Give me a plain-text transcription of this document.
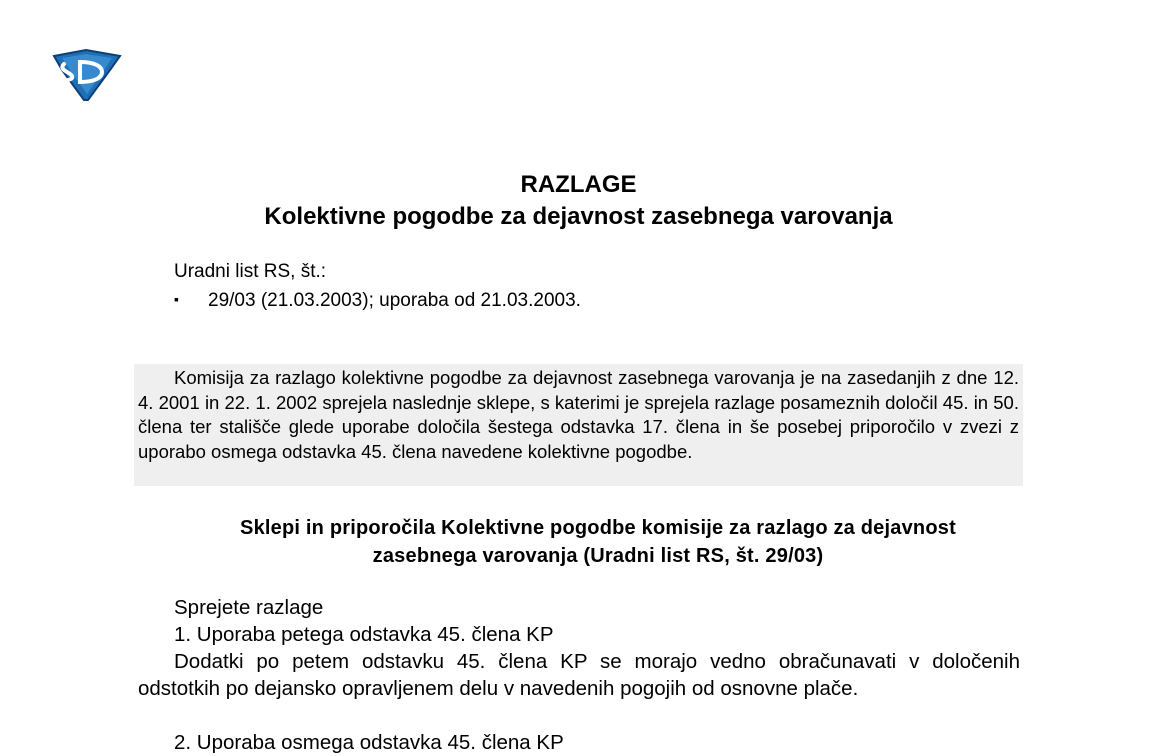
RAZLAGE
Kolektivne pogodbe za dejavnost zasebnega varovanja
Uradni list RS, št.:
▪ 29/03 (21.03.2003); uporaba od 21.03.2003.

Komisija za razlago kolektivne pogodbe za dejavnost zasebnega varovanja je na zasedanjih z dne 12. 4. 2001 in 22. 1. 2002 sprejela naslednje sklepe, s katerimi je sprejela razlage posameznih določil 45. in 50. člena ter stališče glede uporabe določila šestega odstavka 17. člena in še posebej priporočilo v zvezi z uporabo osmega odstavka 45. člena navedene kolektivne pogodbe.

Sklepi in priporočila Kolektivne pogodbe komisije za razlago za dejavnost
zasebnega varovanja (Uradni list RS, št. 29/03)
Sprejete razlage
1. Uporaba petega odstavka 45. člena KP

Dodatki po petem odstavku 45. člena KP se morajo vedno obračunavati v določenih odstotkih po dejansko opravljenem delu v navedenih pogojih od osnovne plače.

2. Uporaba osmega odstavka 45. člena KP
